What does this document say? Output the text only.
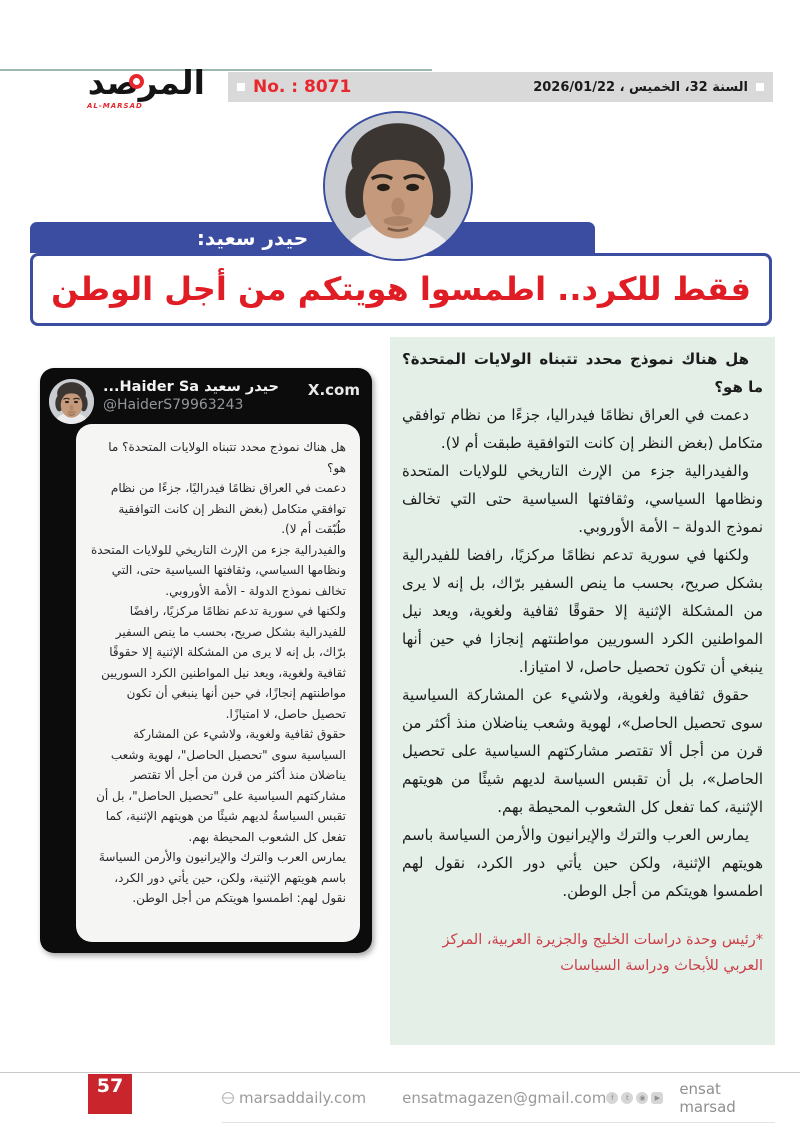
المرصد
AL-MARSAD
No. : 8071	السنة 32، الخميس ، 2026/01/22
حيدر سعيد:
فقط للكرد.. اطمسوا هويتكم من أجل الوطن
حيدر سعيد Haider Sa...
@HaiderS79963243
X.com

هل هناك نموذج محدد تتبناه الولايات المتحدة؟ ما هو؟

دعمت في العراق نظامًا فيدراليًا، جزءًا من نظام توافقي متكامل (بغض النظر إن كانت التوافقية طُبّقت أم لا).

والفيدرالية جزء من الإرث التاريخي للولايات المتحدة ونظامها السياسي، وثقافتها السياسية حتى، التي تخالف نموذج الدولة - الأمة الأوروبي.

ولكنها في سورية تدعم نظامًا مركزيًا، رافضًا للفيدرالية بشكل صريح، بحسب ما ينص السفير برّاك، بل إنه لا يرى من المشكلة الإثنية إلا حقوقًا ثقافية ولغوية، ويعد نيل المواطنين الكرد السوريين مواطنتهم إنجازًا، في حين أنها ينبغي أن تكون تحصيل حاصل، لا امتيازًا.

حقوق ثقافية ولغوية، ولاشيء عن المشاركة السياسية سوى "تحصيل الحاصل"، لهوية وشعب يناضلان منذ أكثر من قرن من أجل ألا تقتصر مشاركتهم السياسية على "تحصيل الحاصل"، بل أن تقبس السياسةُ لديهم شيئًا من هويتهم الإثنية، كما تفعل كل الشعوب المحيطة بهم.

يمارس العرب والترك والإيرانيون والأرمن السياسةَ باسم هويتهم الإثنية، ولكن، حين يأتي دور الكرد، نقول لهم: اطمسوا هويتكم من أجل الوطن.

هل هناك نموذج محدد تتبناه الولايات المتحدة؟ ما هو؟

دعمت في العراق نظامًا فيدراليا، جزءًا من نظام توافقي متكامل (بغض النظر إن كانت التوافقية طبقت أم لا).

والفيدرالية جزء من الإرث التاريخي للولايات المتحدة ونظامها السياسي، وثقافتها السياسية حتى التي تخالف نموذج الدولة – الأمة الأوروبي.

ولكنها في سورية تدعم نظامًا مركزيًا، رافضا للفيدرالية بشكل صريح، بحسب ما ينص السفير برّاك، بل إنه لا يرى من المشكلة الإثنية إلا حقوقًا ثقافية ولغوية، ويعد نيل المواطنين الكرد السوريين مواطنتهم إنجازا في حين أنها ينبغي أن تكون تحصيل حاصل، لا امتيازا.

حقوق ثقافية ولغوية، ولاشيء عن المشاركة السياسية سوى تحصيل الحاصل»، لهوية وشعب يناضلان منذ أكثر من قرن من أجل ألا تقتصر مشاركتهم السياسية على تحصيل الحاصل»، بل أن تقبس السياسة لديهم شيئًا من هويتهم الإثنية، كما تفعل كل الشعوب المحيطة بهم.

يمارس العرب والترك والإيرانيون والأرمن السياسة باسم هويتهم الإثنية، ولكن حين يأتي دور الكرد، نقول لهم اطمسوا هويتكم من أجل الوطن.

*رئيس وحدة دراسات الخليج والجزيرة العربية، المركز العربي للأبحاث ودراسة السياسات

57
marsaddaily.com ensatmagazen@gmail.com f	t	◉	▶ ensat marsad
